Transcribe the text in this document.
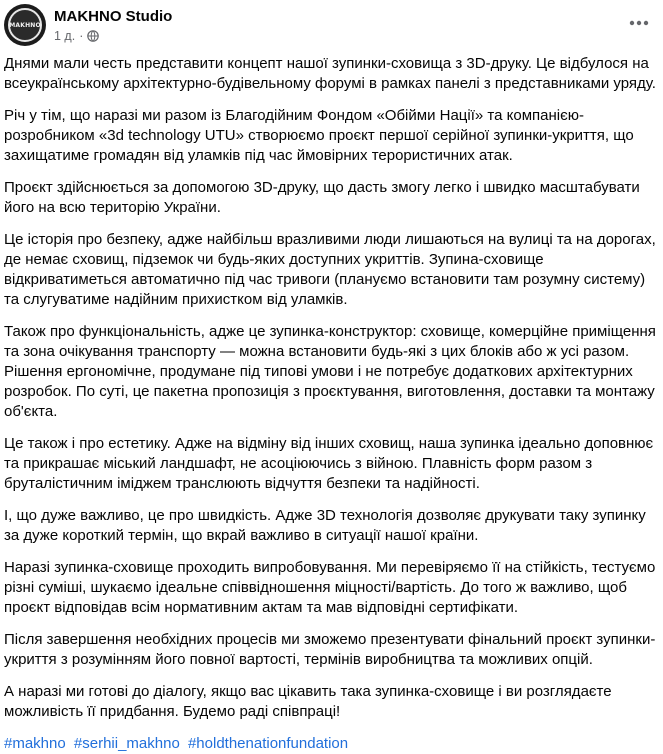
MAKHNO MAKHNO Studio
1 д. ·

Днями мали честь представити концепт нашої зупинки-сховища з 3D-друку. Це відбулося на всеукраїнському архітектурно-будівельному форумі в рамках панелі з представниками уряду.

Річ у тім, що наразі ми разом із Благодійним Фондом «Обійми Нації» та компанією-розробником «3d technology UTU» створюємо проєкт першої серійної зупинки-укриття, що захищатиме громадян від уламків під час ймовірних терористичних атак.

Проєкт здійснюється за допомогою 3D-друку, що дасть змогу легко і швидко масштабувати його на всю територію України.

Це історія про безпеку, адже найбільш вразливими люди лишаються на вулиці та на дорогах, де немає сховищ, підземок чи будь-яких доступних укриттів. Зупина-сховище відкриватиметься автоматично під час тривоги (плануємо встановити там розумну систему) та слугуватиме надійним прихистком від уламків.

Також про функціональність, адже це зупинка-конструктор: сховище, комерційне приміщення та зона очікування транспорту — можна встановити будь-які з цих блоків або ж усі разом. Рішення ергономічне, продумане під типові умови і не потребує додаткових архітектурних розробок. По суті, це пакетна пропозиція з проєктування, виготовлення, доставки та монтажу об'єкта.

Це також і про естетику. Адже на відміну від інших сховищ, наша зупинка ідеально доповнює та прикрашає міський ландшафт, не асоціюючись з війною. Плавність форм разом з бруталістичним іміджем транслюють відчуття безпеки та надійності.

І, що дуже важливо, це про швидкість. Адже 3D технологія дозволяє друкувати таку зупинку за дуже короткий термін, що вкрай важливо в ситуації нашої країни.

Наразі зупинка-сховище проходить випробовування. Ми перевіряємо її на стійкість, тестуємо різні суміші, шукаємо ідеальне співвідношення міцності/вартість. До того ж важливо, щоб проєкт відповідав всім нормативним актам та мав відповідні сертифікати.

Після завершення необхідних процесів ми зможемо презентувати фінальний проєкт зупинки-укриття з розумінням його повної вартості, термінів виробництва та можливих опцій.

А наразі ми готові до діалогу, якщо вас цікавить така зупинка-сховище і ви розглядаєте можливість її придбання. Будемо раді співпраці!

#makhno #serhii_makhno #holdthenationfundation
